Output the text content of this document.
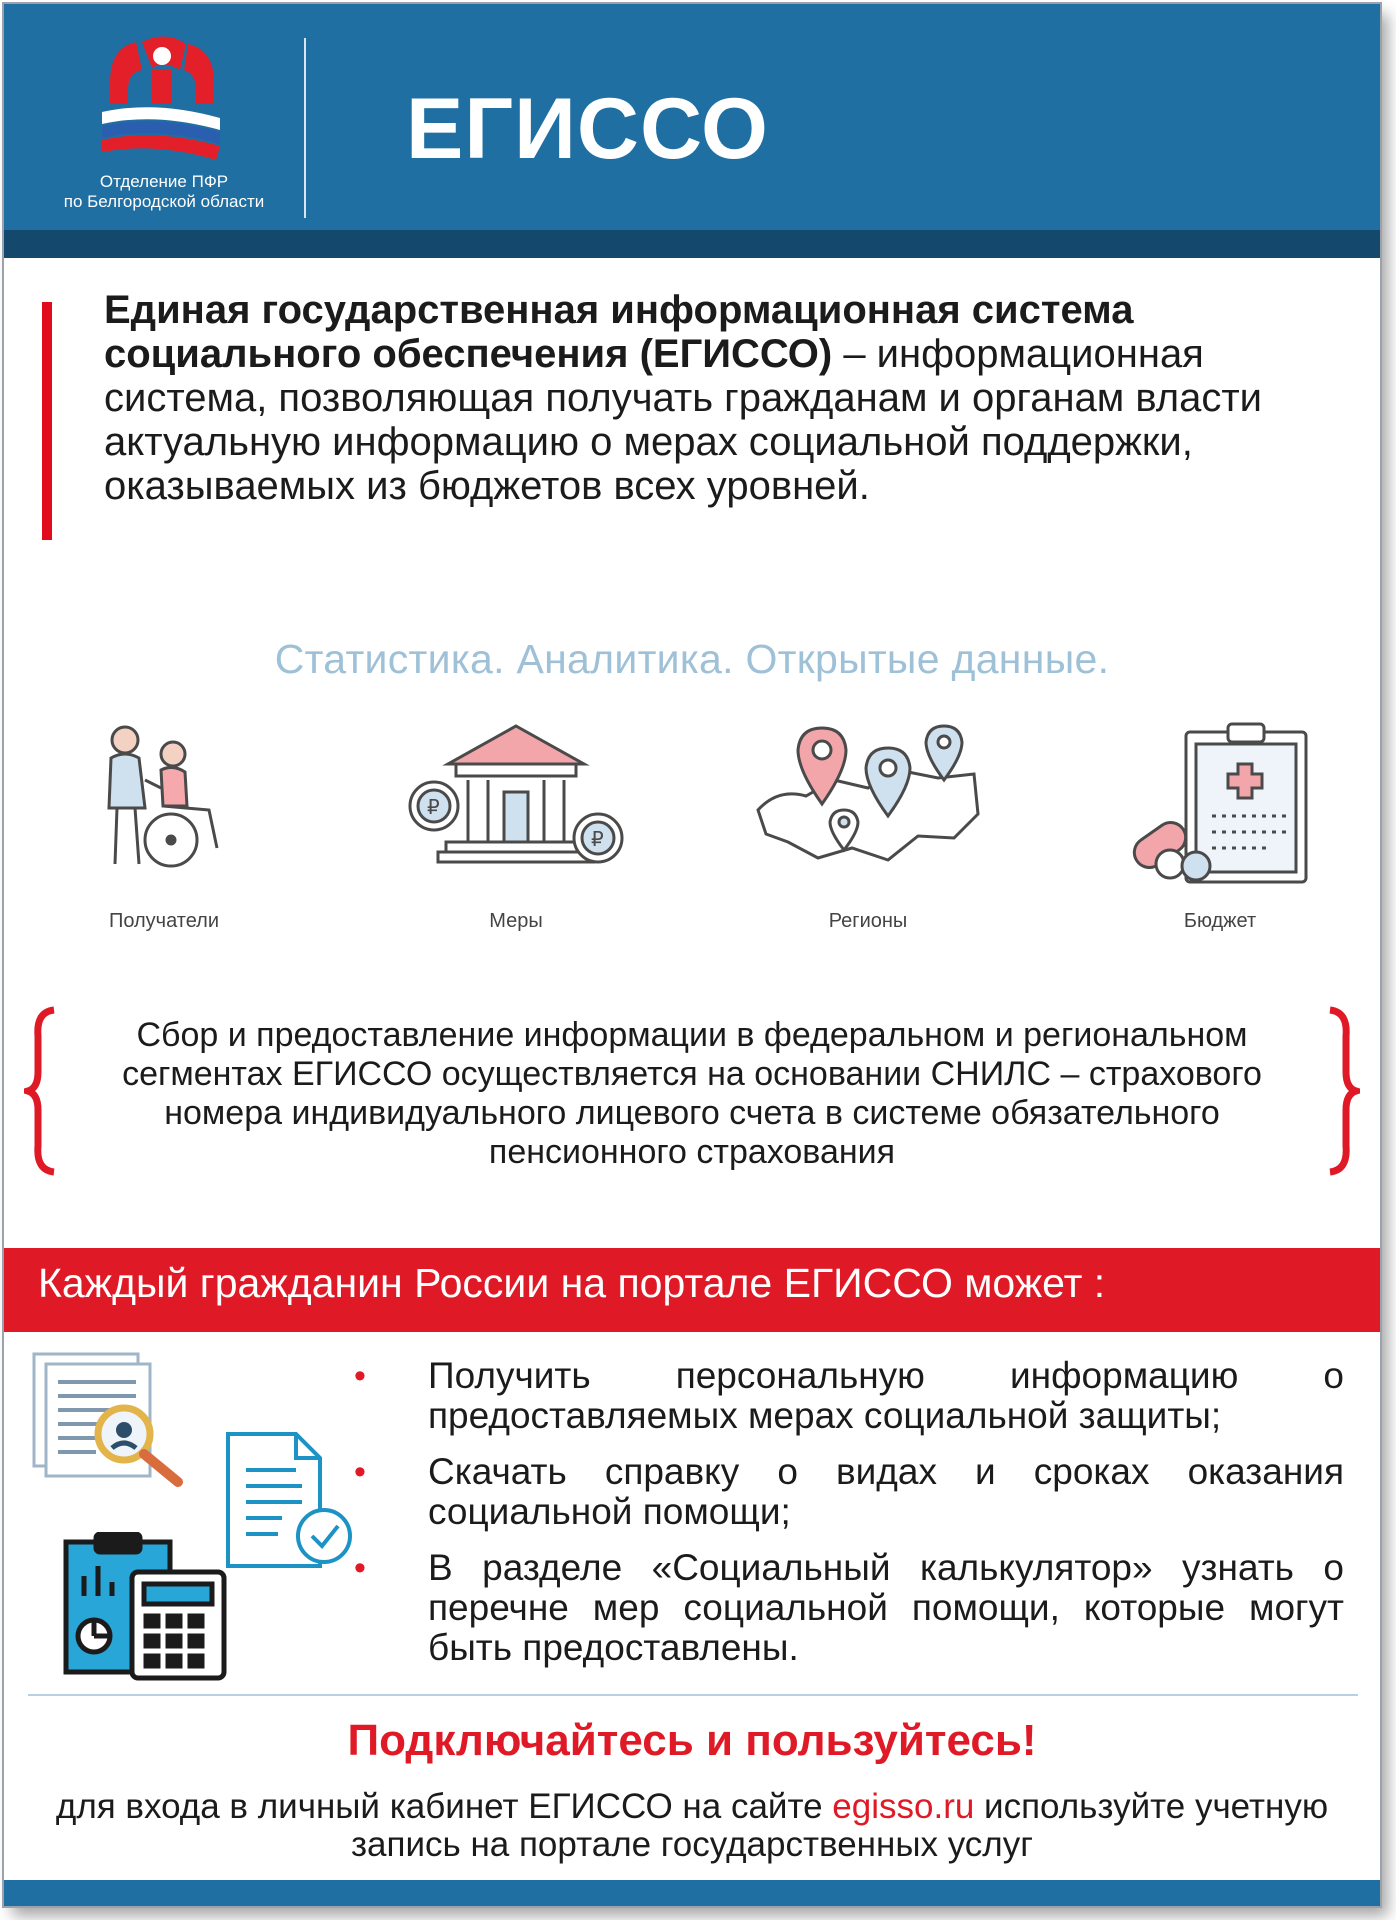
Отделение ПФР
по Белгородской области
ЕГИССО

Единая государственная информационная система социального обеспечения (ЕГИССО) – информационная система, позволяющая получать гражданам и органам власти актуальную информацию о мерах социальной поддержки, оказываемых из бюджетов всех уровней.

Статистика. Аналитика. Открытые данные.
Получатели
₽
₽
Меры	Регионы	Бюджет
Сбор и предоставление информации в федеральном и региональном сегментах ЕГИССО осуществляется на основании СНИЛС – страхового номера индивидуального лицевого счета в системе обязательного пенсионного страхования
Каждый гражданин России на портале ЕГИССО может :
• Получить персональную информацию о предоставляемых мерах социальной защиты;
• Скачать справку о видах и сроках оказания социальной помощи;
• В разделе «Социальный калькулятор» узнать о перечне мер социальной помощи, которые могут быть предоставлены.
Подключайтесь и пользуйтесь!

для входа в личный кабинет ЕГИССО на сайте egisso.ru используйте учетную запись на портале государственных услуг
